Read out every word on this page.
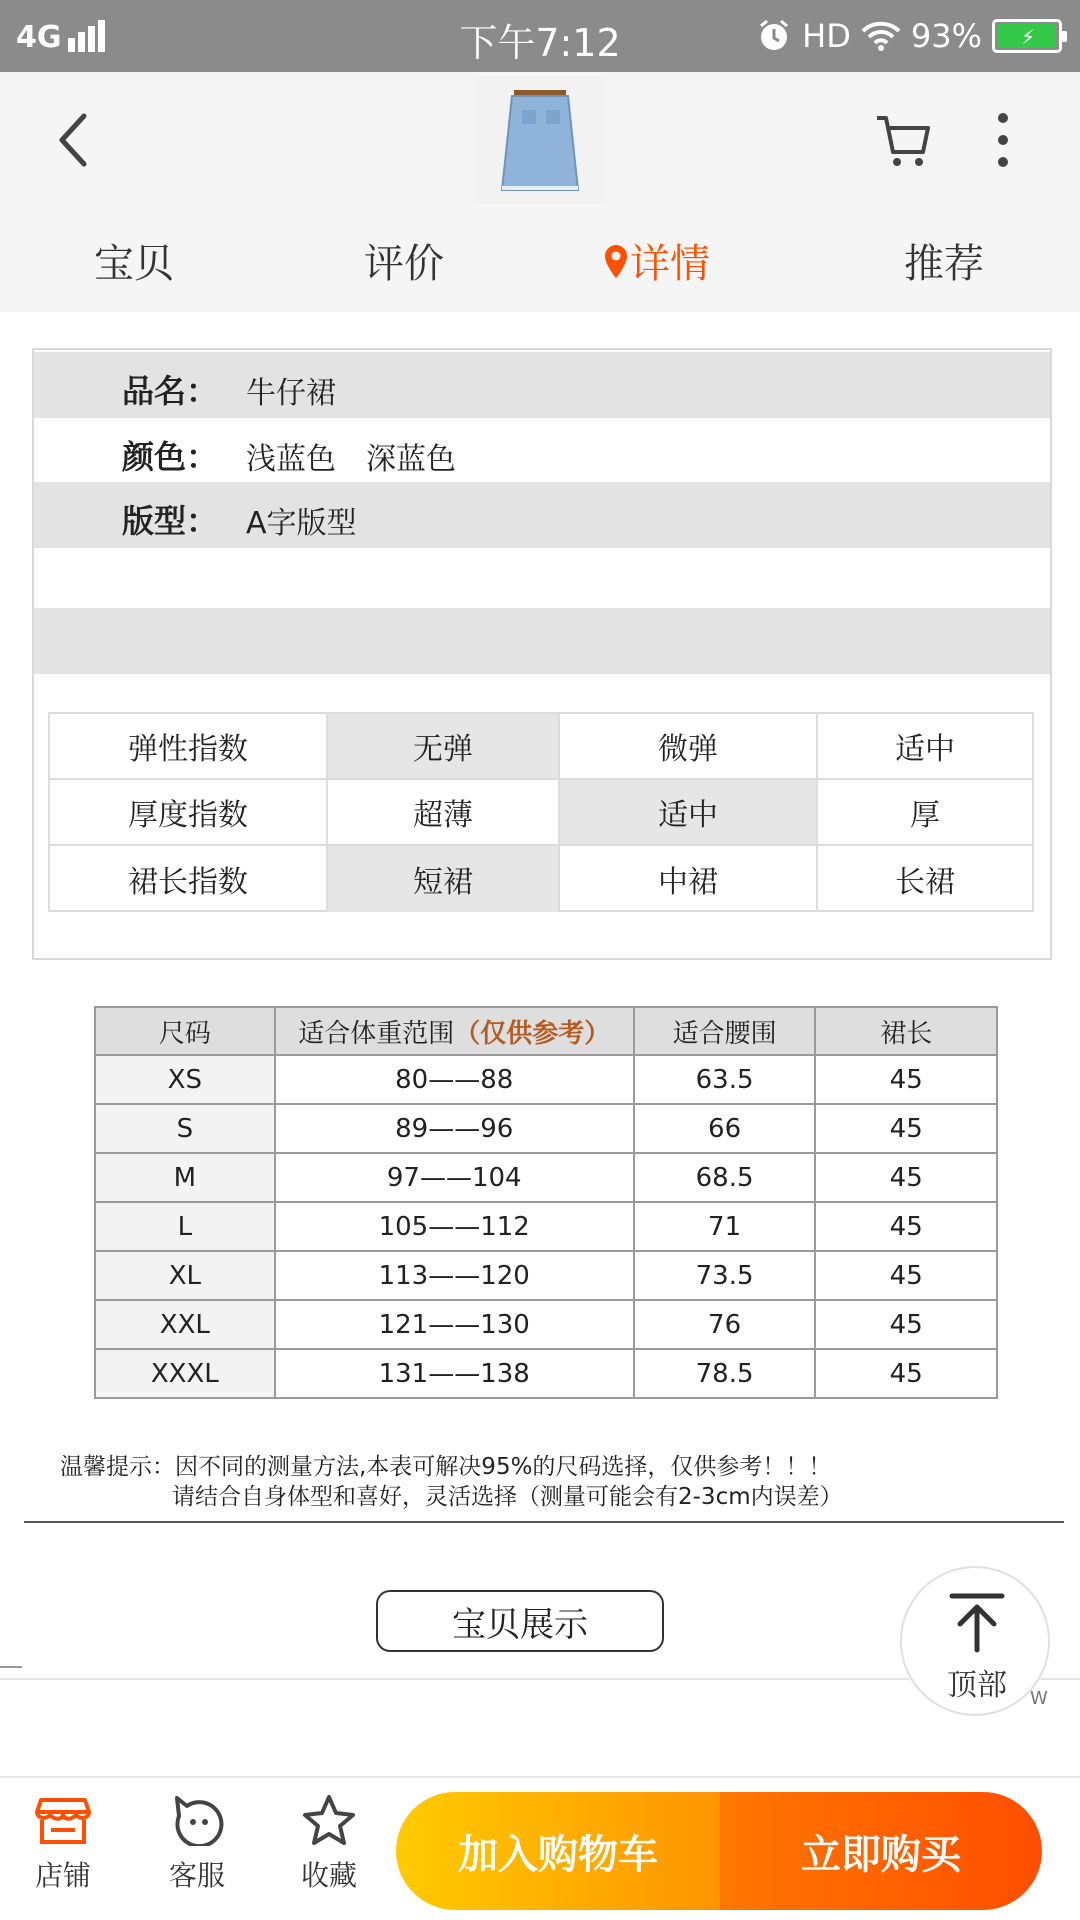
4G	下午7:12	HD 93% ⚡
宝贝	评价	详情	推荐
品名： 牛仔裙
颜色： 浅蓝色　深蓝色
版型： A字版型
弹性指数	无弹	微弹	适中
厚度指数	超薄	适中	厚
裙长指数	短裙	中裙	长裙
尺码	适合体重范围（仅供参考）	适合腰围	裙长
XS	80——88	63.5	45
S	89——96	66	45
M	97——104	68.5	45
L	105——112	71	45
XL	113——120	73.5	45
XXL	121——130	76	45
XXXL	131——138	78.5	45
温馨提示：因不同的测量方法,本表可解决95%的尺码选择，仅供参考！！！
请结合自身体型和喜好，灵活选择（测量可能会有2-3cm内误差）
宝贝展示
顶部	W
店铺	客服	收藏	加入购物车	立即购买
